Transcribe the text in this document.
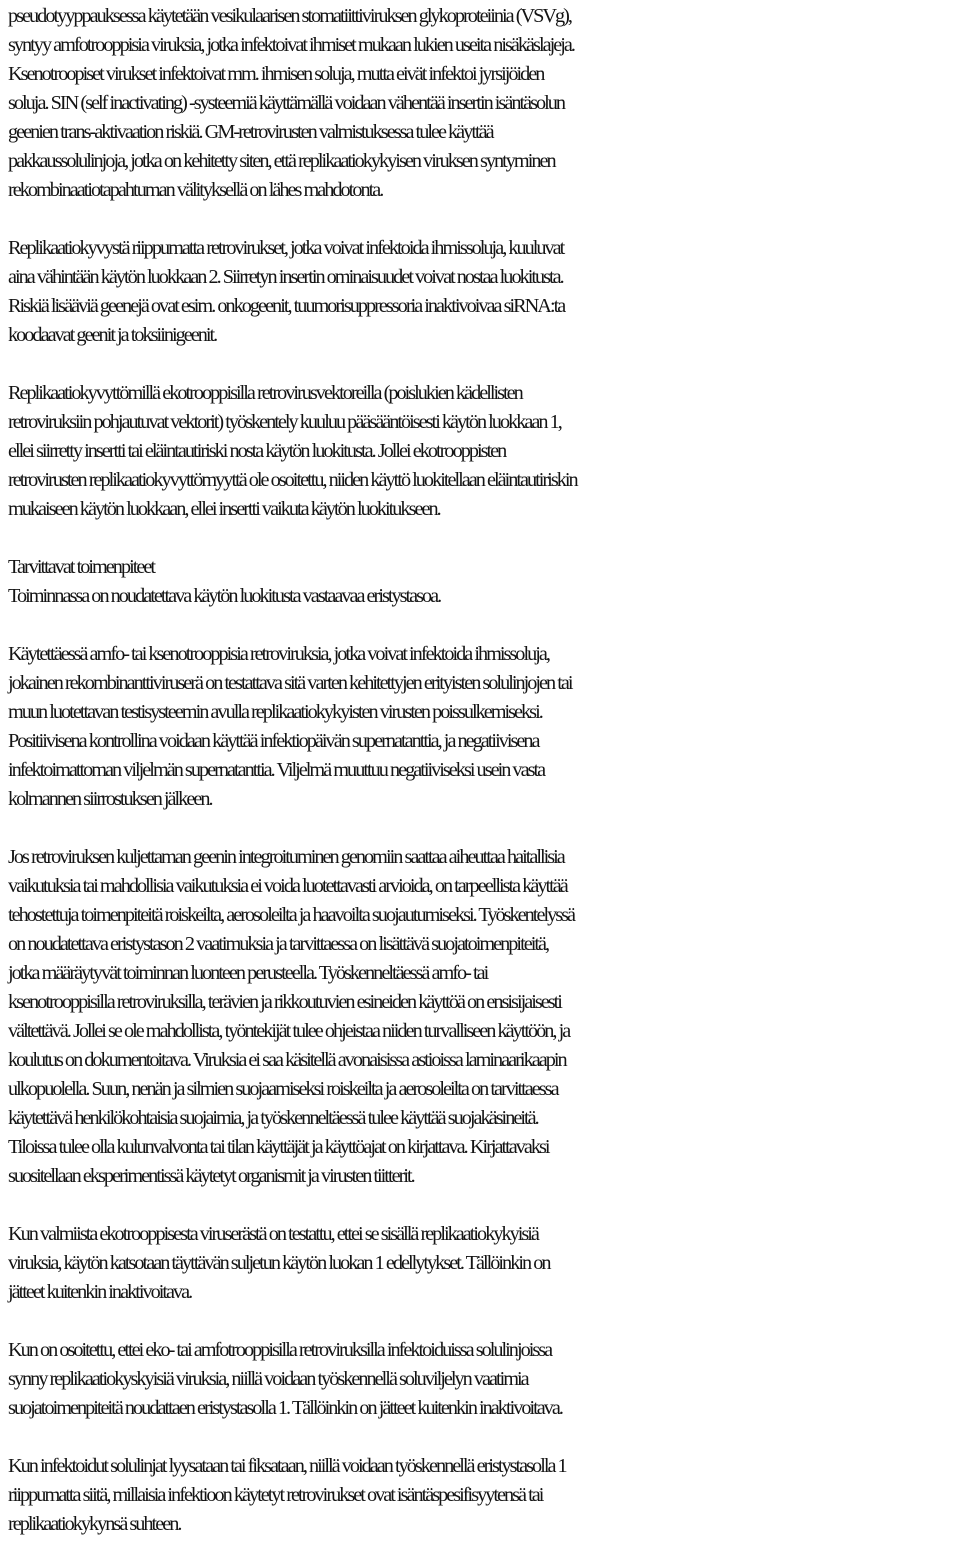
pseudotyyppauksessa käytetään vesikulaarisen stomatiittiviruksen glykoproteiinia (VSVg),
syntyy amfotrooppisia viruksia, jotka infektoivat ihmiset mukaan lukien useita nisäkäslajeja.
Ksenotroopiset virukset infektoivat mm. ihmisen soluja, mutta eivät infektoi jyrsijöiden
soluja. SIN (self inactivating) -systeemiä käyttämällä voidaan vähentää insertin isäntäsolun
geenien trans-aktivaation riskiä. GM-retrovirusten valmistuksessa tulee käyttää
pakkaussolulinjoja, jotka on kehitetty siten, että replikaatiokykyisen viruksen syntyminen
rekombinaatiotapahtuman välityksellä on lähes mahdotonta.
Replikaatiokyvystä riippumatta retrovirukset, jotka voivat infektoida ihmissoluja, kuuluvat
aina vähintään käytön luokkaan 2. Siirretyn insertin ominaisuudet voivat nostaa luokitusta.
Riskiä lisääviä geenejä ovat esim. onkogeenit, tuumorisuppressoria inaktivoivaa siRNA:ta
koodaavat geenit ja toksiinigeenit.
Replikaatiokyvyttömillä ekotrooppisilla retrovirusvektoreilla (poislukien kädellisten
retroviruksiin pohjautuvat vektorit) työskentely kuuluu pääsääntöisesti käytön luokkaan 1,
ellei siirretty insertti tai eläintautiriski nosta käytön luokitusta. Jollei ekotrooppisten
retrovirusten replikaatiokyvyttömyyttä ole osoitettu, niiden käyttö luokitellaan eläintautiriskin
mukaiseen käytön luokkaan, ellei insertti vaikuta käytön luokitukseen.
Tarvittavat toimenpiteet
Toiminnassa on noudatettava käytön luokitusta vastaavaa eristystasoa.
Käytettäessä amfo- tai ksenotrooppisia retroviruksia, jotka voivat infektoida ihmissoluja,
jokainen rekombinanttiviruserä on testattava sitä varten kehitettyjen erityisten solulinjojen tai
muun luotettavan testisysteemin avulla replikaatiokykyisten virusten poissulkemiseksi.
Positiivisena kontrollina voidaan käyttää infektiopäivän supernatanttia, ja negatiivisena
infektoimattoman viljelmän supernatanttia. Viljelmä muuttuu negatiiviseksi usein vasta
kolmannen siirrostuksen jälkeen.
Jos retroviruksen kuljettaman geenin integroituminen genomiin saattaa aiheuttaa haitallisia
vaikutuksia tai mahdollisia vaikutuksia ei voida luotettavasti arvioida, on tarpeellista käyttää
tehostettuja toimenpiteitä roiskeilta, aerosoleilta ja haavoilta suojautumiseksi. Työskentelyssä
on noudatettava eristystason 2 vaatimuksia ja tarvittaessa on lisättävä suojatoimenpiteitä,
jotka määräytyvät toiminnan luonteen perusteella. Työskenneltäessä amfo- tai
ksenotrooppisilla retroviruksilla, terävien ja rikkoutuvien esineiden käyttöä on ensisijaisesti
vältettävä. Jollei se ole mahdollista, työntekijät tulee ohjeistaa niiden turvalliseen käyttöön, ja
koulutus on dokumentoitava. Viruksia ei saa käsitellä avonaisissa astioissa laminaarikaapin
ulkopuolella. Suun, nenän ja silmien suojaamiseksi roiskeilta ja aerosoleilta on tarvittaessa
käytettävä henkilökohtaisia suojaimia, ja työskenneltäessä tulee käyttää suojakäsineitä.
Tiloissa tulee olla kulunvalvonta tai tilan käyttäjät ja käyttöajat on kirjattava. Kirjattavaksi
suositellaan eksperimentissä käytetyt organismit ja virusten tiitterit.
Kun valmiista ekotrooppisesta viruserästä on testattu, ettei se sisällä replikaatiokykyisiä
viruksia, käytön katsotaan täyttävän suljetun käytön luokan 1 edellytykset. Tällöinkin on
jätteet kuitenkin inaktivoitava.
Kun on osoitettu, ettei eko- tai amfotrooppisilla retroviruksilla infektoiduissa solulinjoissa
synny replikaatiokyskyisiä viruksia, niillä voidaan työskennellä soluviljelyn vaatimia
suojatoimenpiteitä noudattaen eristystasolla 1. Tällöinkin on jätteet kuitenkin inaktivoitava.
Kun infektoidut solulinjat lyysataan tai fiksataan, niillä voidaan työskennellä eristystasolla 1
riippumatta siitä, millaisia infektioon käytetyt retrovirukset ovat isäntäspesifisyytensä tai
replikaatiokykynsä suhteen.
